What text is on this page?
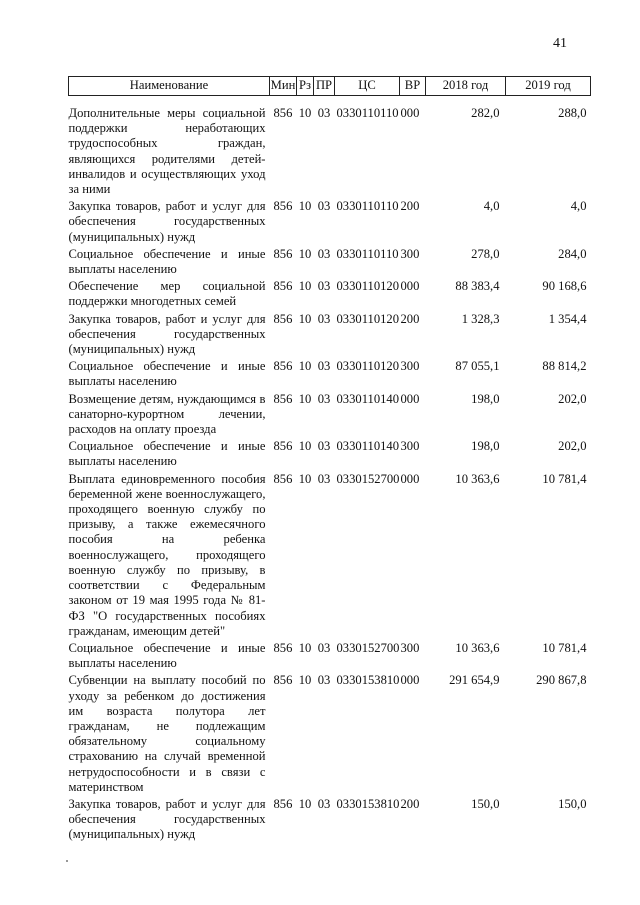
41
Наименование	Мин	Рз	ПР	ЦС	ВР	2018 год	2019 год

Дополнительные меры социальной поддержки неработающих трудоспособных граждан, являющихся родителями детей-инвалидов и осуществляющих уход за ними	856	10	03	0330110110	000	282,0	288,0
Закупка товаров, работ и услуг для обеспечения государственных (муниципальных) нужд	856	10	03	0330110110	200	4,0	4,0
Социальное обеспечение и иные выплаты населению	856	10	03	0330110110	300	278,0	284,0
Обеспечение мер социальной поддержки многодетных семей	856	10	03	0330110120	000	88 383,4	90 168,6
Закупка товаров, работ и услуг для обеспечения государственных (муниципальных) нужд	856	10	03	0330110120	200	1 328,3	1 354,4
Социальное обеспечение и иные выплаты населению	856	10	03	0330110120	300	87 055,1	88 814,2
Возмещение детям, нуждающимся в санаторно-курортном лечении, расходов на оплату проезда	856	10	03	0330110140	000	198,0	202,0
Социальное обеспечение и иные выплаты населению	856	10	03	0330110140	300	198,0	202,0
Выплата единовременного пособия беременной жене военнослужащего, проходящего военную службу по призыву, а также ежемесячного пособия на ребенка военнослужащего, проходящего военную службу по призыву, в соответствии с Федеральным законом от 19 мая 1995 года № 81-ФЗ "О государственных пособиях гражданам, имеющим детей"	856	10	03	0330152700	000	10 363,6	10 781,4
Социальное обеспечение и иные выплаты населению	856	10	03	0330152700	300	10 363,6	10 781,4
Субвенции на выплату пособий по уходу за ребенком до достижения им возраста полутора лет гражданам, не подлежащим обязательному социальному страхованию на случай временной нетрудоспособности и в связи с материнством	856	10	03	0330153810	000	291 654,9	290 867,8
Закупка товаров, работ и услуг для обеспечения государственных (муниципальных) нужд	856	10	03	0330153810	200	150,0	150,0
